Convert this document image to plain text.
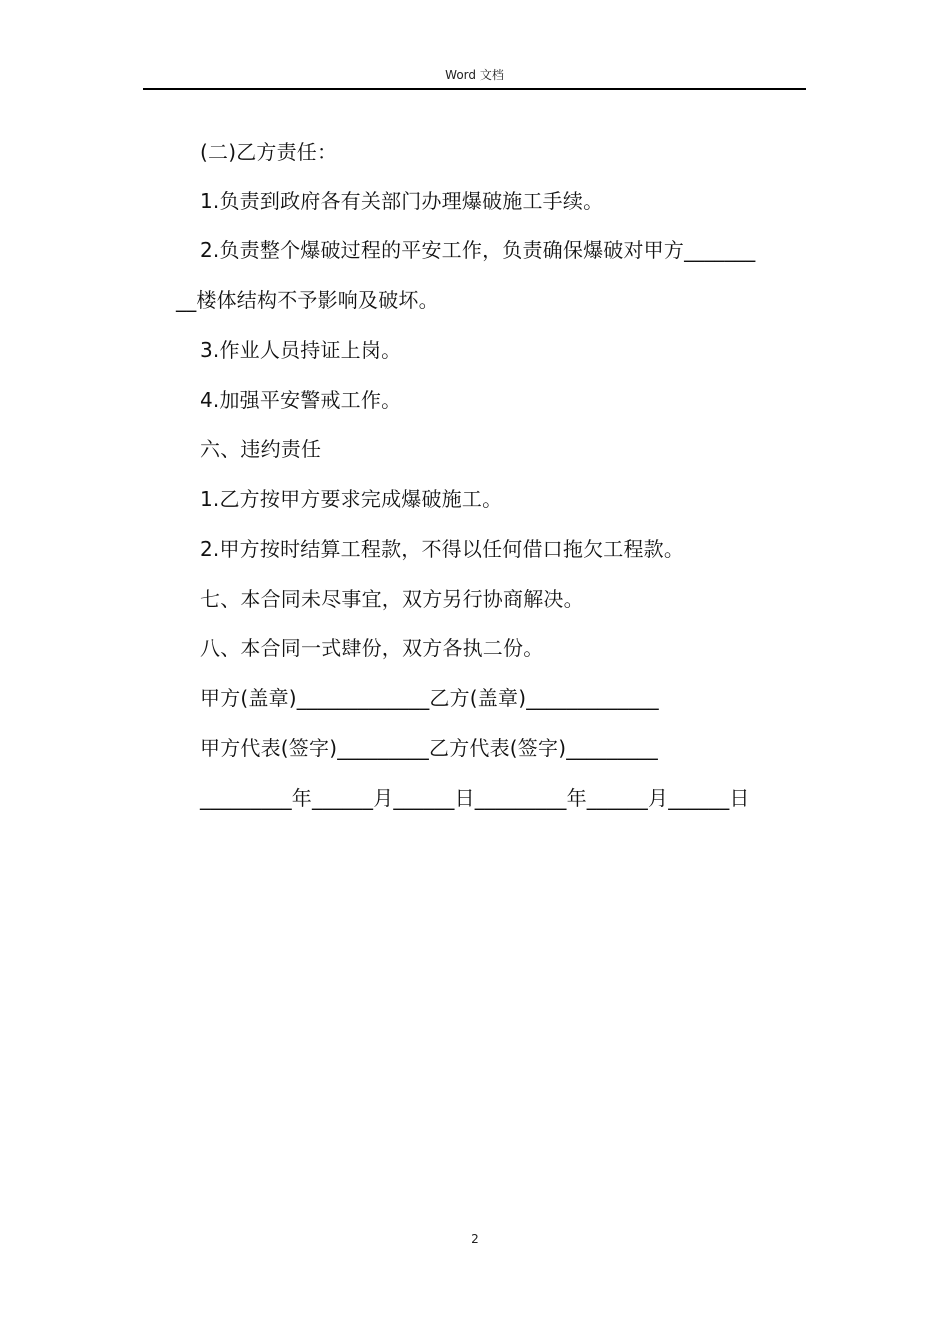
Word 文档
(二)乙方责任：
1.负责到政府各有关部门办理爆破施工手续。
2.负责整个爆破过程的平安工作，负责确保爆破对甲方_______
__楼体结构不予影响及破坏。
3.作业人员持证上岗。
4.加强平安警戒工作。
六、违约责任
1.乙方按甲方要求完成爆破施工。
2.甲方按时结算工程款，不得以任何借口拖欠工程款。
七、本合同未尽事宜，双方另行协商解决。
八、本合同一式肆份，双方各执二份。
甲方(盖章)_____________乙方(盖章)_____________
甲方代表(签字)_________乙方代表(签字)_________
_________年______月______日_________年______月______日
2
